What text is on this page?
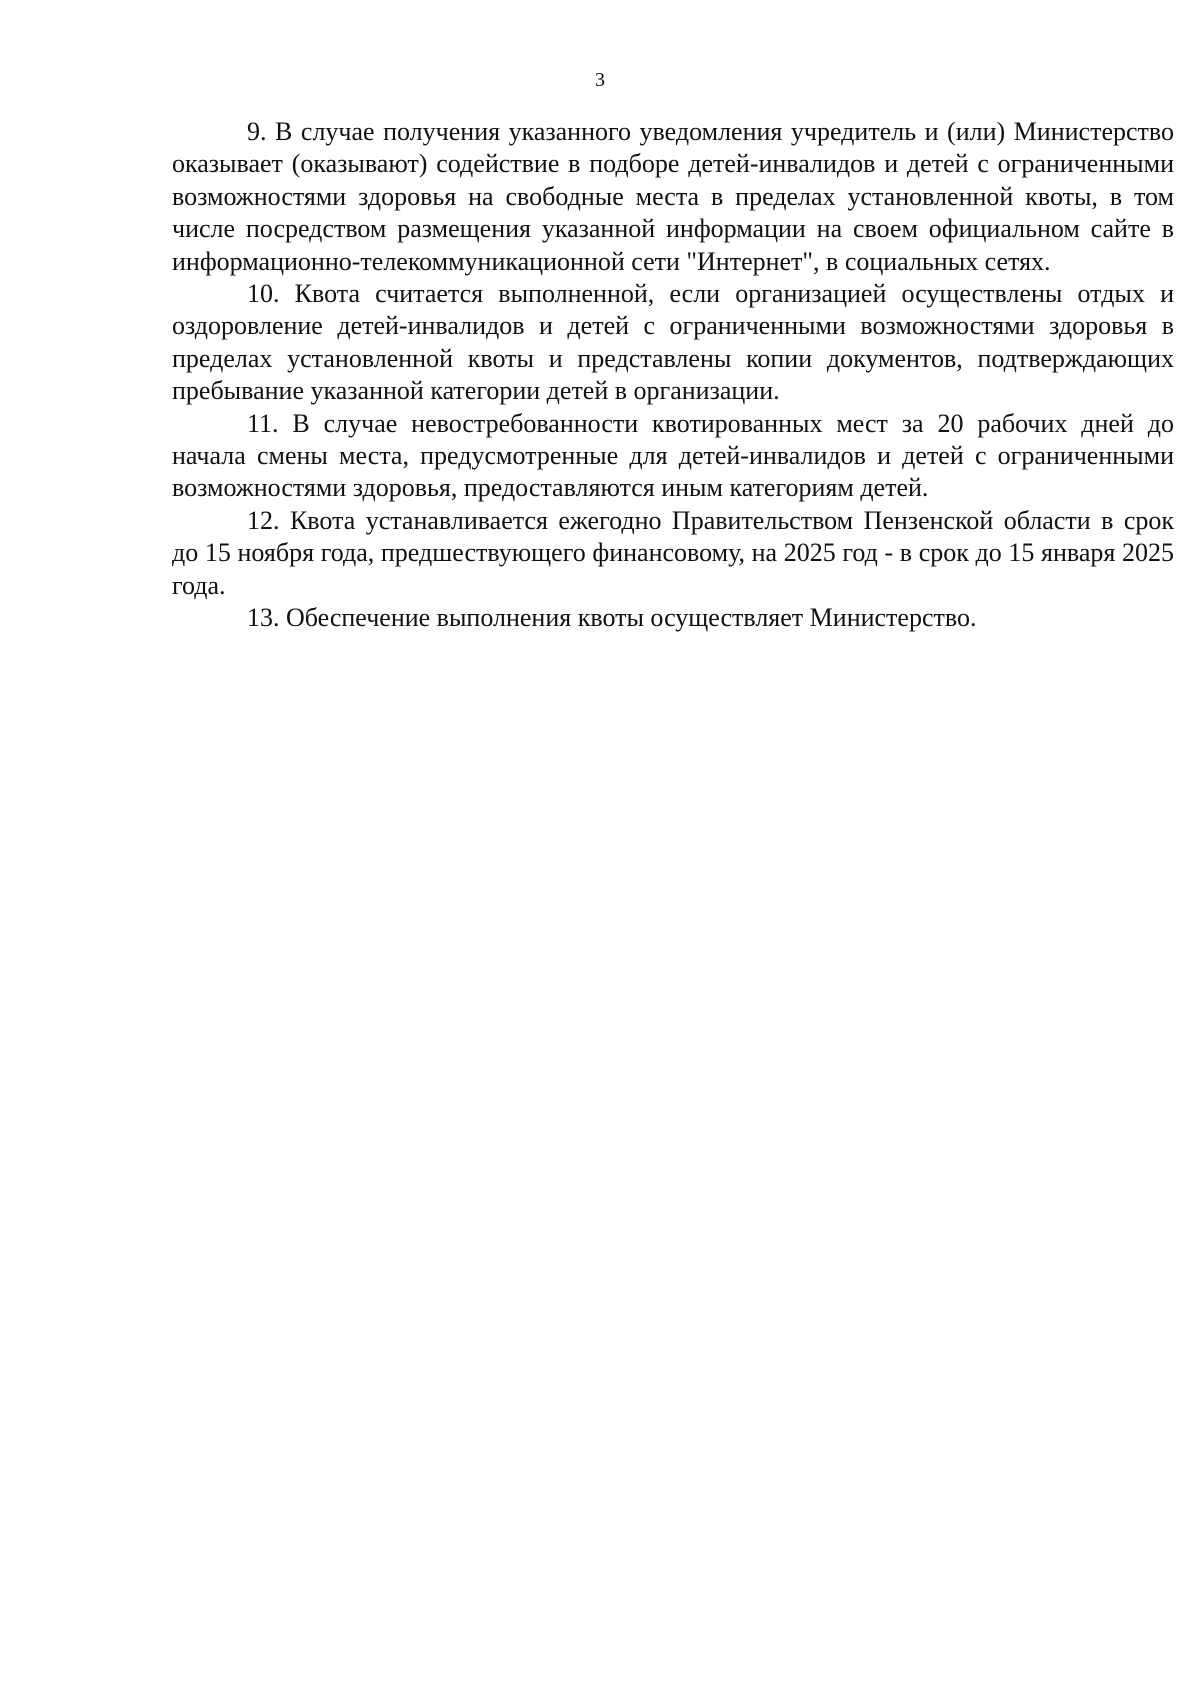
3

9. В случае получения указанного уведомления учредитель и (или) Министерство оказывает (оказывают) содействие в подборе детей-инвалидов и детей с ограниченными возможностями здоровья на свободные места в пределах установленной квоты, в том числе посредством размещения указанной информации на своем официальном сайте в информационно-телекоммуникационной сети "Интернет", в социальных сетях.

10. Квота считается выполненной, если организацией осуществлены отдых и оздоровление детей-инвалидов и детей с ограниченными возможностями здоровья в пределах установленной квоты и представлены копии документов, подтверждающих пребывание указанной категории детей в организации.

11. В случае невостребованности квотированных мест за 20 рабочих дней до начала смены места, предусмотренные для детей-инвалидов и детей с ограниченными возможностями здоровья, предоставляются иным категориям детей.

12. Квота устанавливается ежегодно Правительством Пензенской области в срок до 15 ноября года, предшествующего финансовому, на 2025 год - в срок до 15 января 2025 года.

13. Обеспечение выполнения квоты осуществляет Министерство.
